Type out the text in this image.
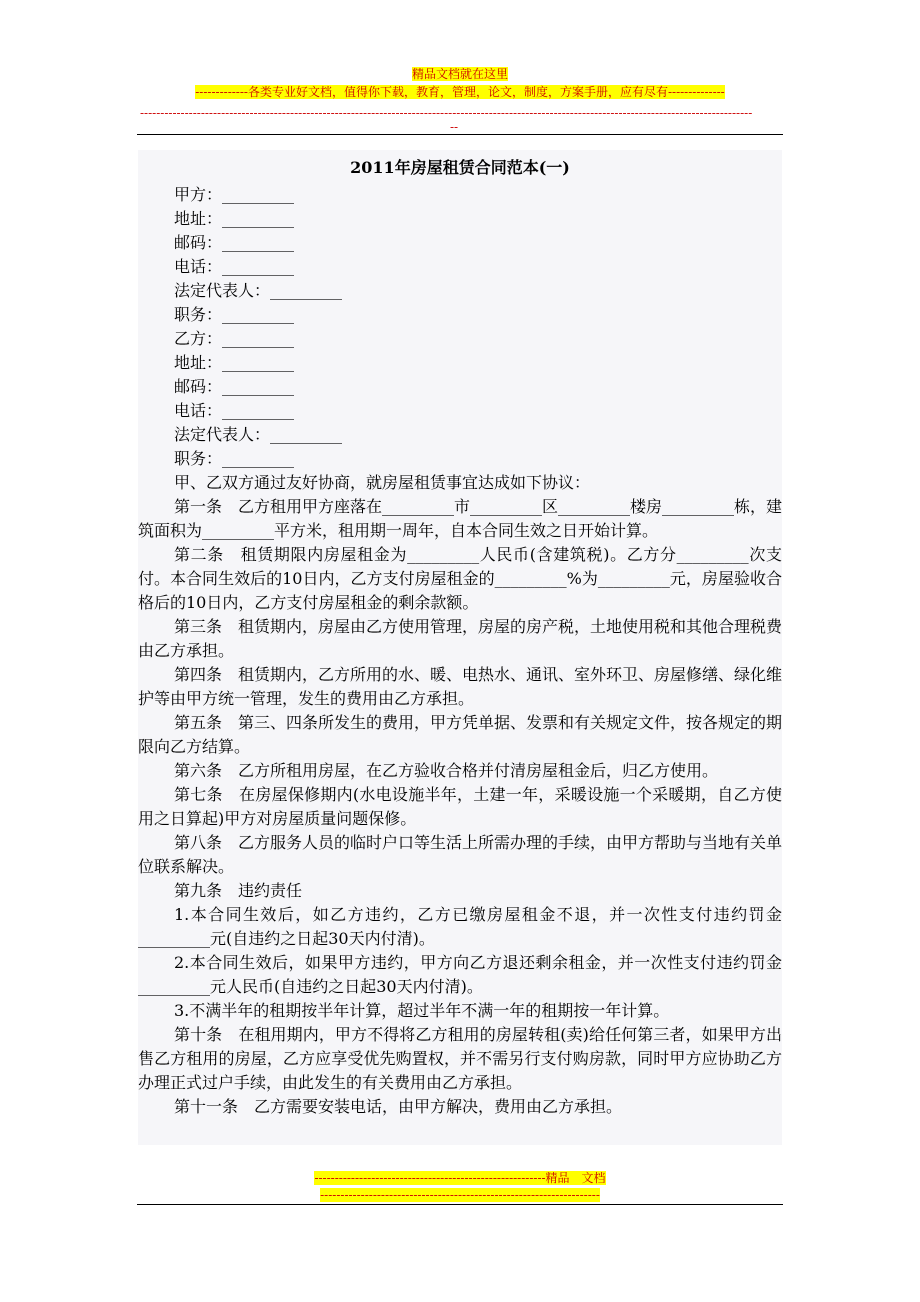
精品文档就在这里
-------------各类专业好文档，值得你下载，教育，管理，论文，制度，方案手册，应有尽有--------------
-------------------------------------------------------------------------------------------------------------------------------------------------------
--
2011年房屋租赁合同范本(一)

甲方：_________

地址：_________

邮码：_________

电话：_________

法定代表人：_________

职务：_________

乙方：_________

地址：_________

邮码：_________

电话：_________

法定代表人：_________

职务：_________

甲、乙双方通过友好协商，就房屋租赁事宜达成如下协议：

第一条　乙方租用甲方座落在_________市_________区_________楼房_________栋，建筑面积为_________平方米，租用期一周年，自本合同生效之日开始计算。

第二条　租赁期限内房屋租金为_________人民币(含建筑税)。乙方分_________次支付。本合同生效后的10日内，乙方支付房屋租金的_________%为_________元，房屋验收合格后的10日内，乙方支付房屋租金的剩余款额。

第三条　租赁期内，房屋由乙方使用管理，房屋的房产税，土地使用税和其他合理税费由乙方承担。

第四条　租赁期内，乙方所用的水、暖、电热水、通讯、室外环卫、房屋修缮、绿化维护等由甲方统一管理，发生的费用由乙方承担。

第五条　第三、四条所发生的费用，甲方凭单据、发票和有关规定文件，按各规定的期限向乙方结算。

第六条　乙方所租用房屋，在乙方验收合格并付清房屋租金后，归乙方使用。

第七条　在房屋保修期内(水电设施半年，土建一年，采暖设施一个采暖期，自乙方使用之日算起)甲方对房屋质量问题保修。

第八条　乙方服务人员的临时户口等生活上所需办理的手续，由甲方帮助与当地有关单位联系解决。

第九条　违约责任

1.本合同生效后，如乙方违约，乙方已缴房屋租金不退，并一次性支付违约罚金_________元(自违约之日起30天内付清)。

2.本合同生效后，如果甲方违约，甲方向乙方退还剩余租金，并一次性支付违约罚金_________元人民币(自违约之日起30天内付清)。

3.不满半年的租期按半年计算，超过半年不满一年的租期按一年计算。

第十条　在租用期内，甲方不得将乙方租用的房屋转租(卖)给任何第三者，如果甲方出售乙方租用的房屋，乙方应享受优先购置权，并不需另行支付购房款，同时甲方应协助乙方办理正式过户手续，由此发生的有关费用由乙方承担。

第十一条　乙方需要安装电话，由甲方解决，费用由乙方承担。

---------------------------------------------------------精品　文档
---------------------------------------------------------------------
